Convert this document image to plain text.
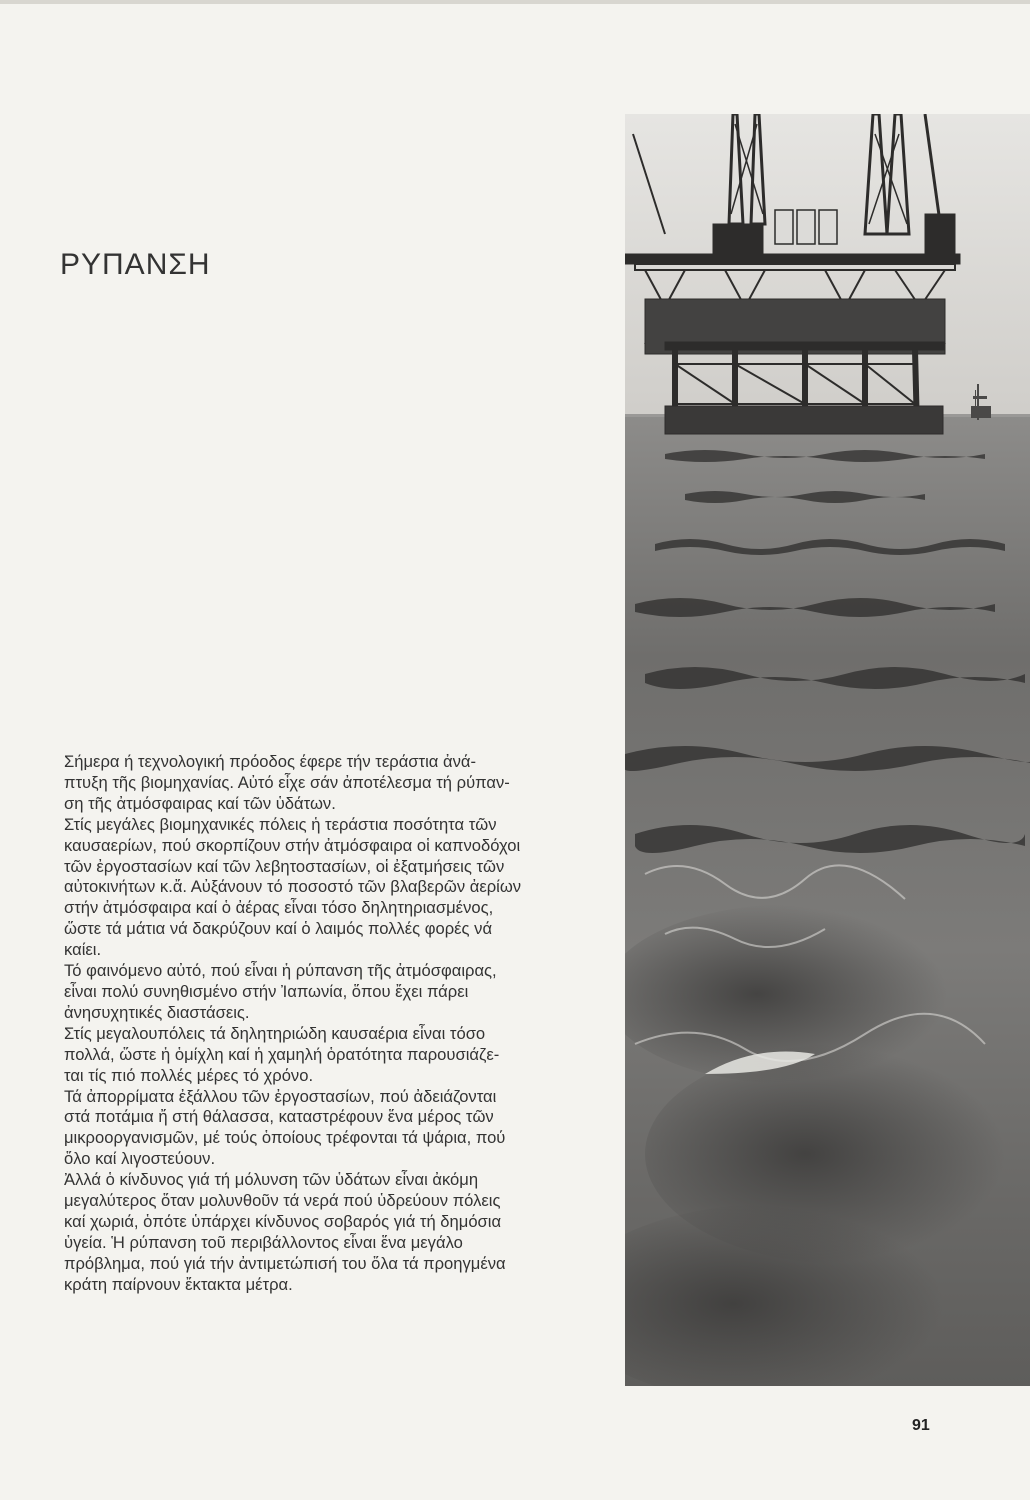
ΡΥΠΑΝΣΗ
Σήμερα ή τεχνολογική πρόοδος έφερε τήν τεράστια ἀνά-
πτυξη τῆς βιομηχανίας. Αὐτό εἶχε σάν ἀποτέλεσμα τή ρύπαν-
ση τῆς ἀτμόσφαιρας καί τῶν ὑδάτων.
Στίς μεγάλες βιομηχανικές πόλεις ἡ τεράστια ποσότητα τῶν
καυσαερίων, πού σκορπίζουν στήν ἀτμόσφαιρα οἱ καπνοδόχοι
τῶν ἐργοστασίων καί τῶν λεβητοστασίων, οἱ ἐξατμήσεις τῶν
αὐτοκινήτων κ.ἄ. Αὐξάνουν τό ποσοστό τῶν βλαβερῶν ἀερίων
στήν ἀτμόσφαιρα καί ὁ ἀέρας εἶναι τόσο δηλητηριασμένος,
ὥστε τά μάτια νά δακρύζουν καί ὁ λαιμός πολλές φορές νά
καίει.
Τό φαινόμενο αὐτό, πού εἶναι ἡ ρύπανση τῆς ἀτμόσφαιρας,
εἶναι πολύ συνηθισμένο στήν Ἰαπωνία, ὅπου ἔχει πάρει
ἀνησυχητικές διαστάσεις.
Στίς μεγαλουπόλεις τά δηλητηριώδη καυσαέρια εἶναι τόσο
πολλά, ὥστε ἡ ὁμίχλη καί ἡ χαμηλή ὁρατότητα παρουσιάζε-
ται τίς πιό πολλές μέρες τό χρόνο.
Τά ἀπορρίματα ἐξάλλου τῶν ἐργοστασίων, πού ἀδειάζονται
στά ποτάμια ἤ στή θάλασσα, καταστρέφουν ἕνα μέρος τῶν
μικροοργανισμῶν, μέ τούς ὁποίους τρέφονται τά ψάρια, πού
ὅλο καί λιγοστεύουν.
Ἀλλά ὁ κίνδυνος γιά τή μόλυνση τῶν ὑδάτων εἶναι ἀκόμη
μεγαλύτερος ὅταν μολυνθοῦν τά νερά πού ὑδρεύουν πόλεις
καί χωριά, ὁπότε ὑπάρχει κίνδυνος σοβαρός γιά τή δημόσια
ὑγεία. Ἡ ρύπανση τοῦ περιβάλλοντος εἶναι ἕνα μεγάλο
πρόβλημα, πού γιά τήν ἀντιμετώπισή του ὅλα τά προηγμένα
κράτη παίρνουν ἔκτακτα μέτρα.
91
